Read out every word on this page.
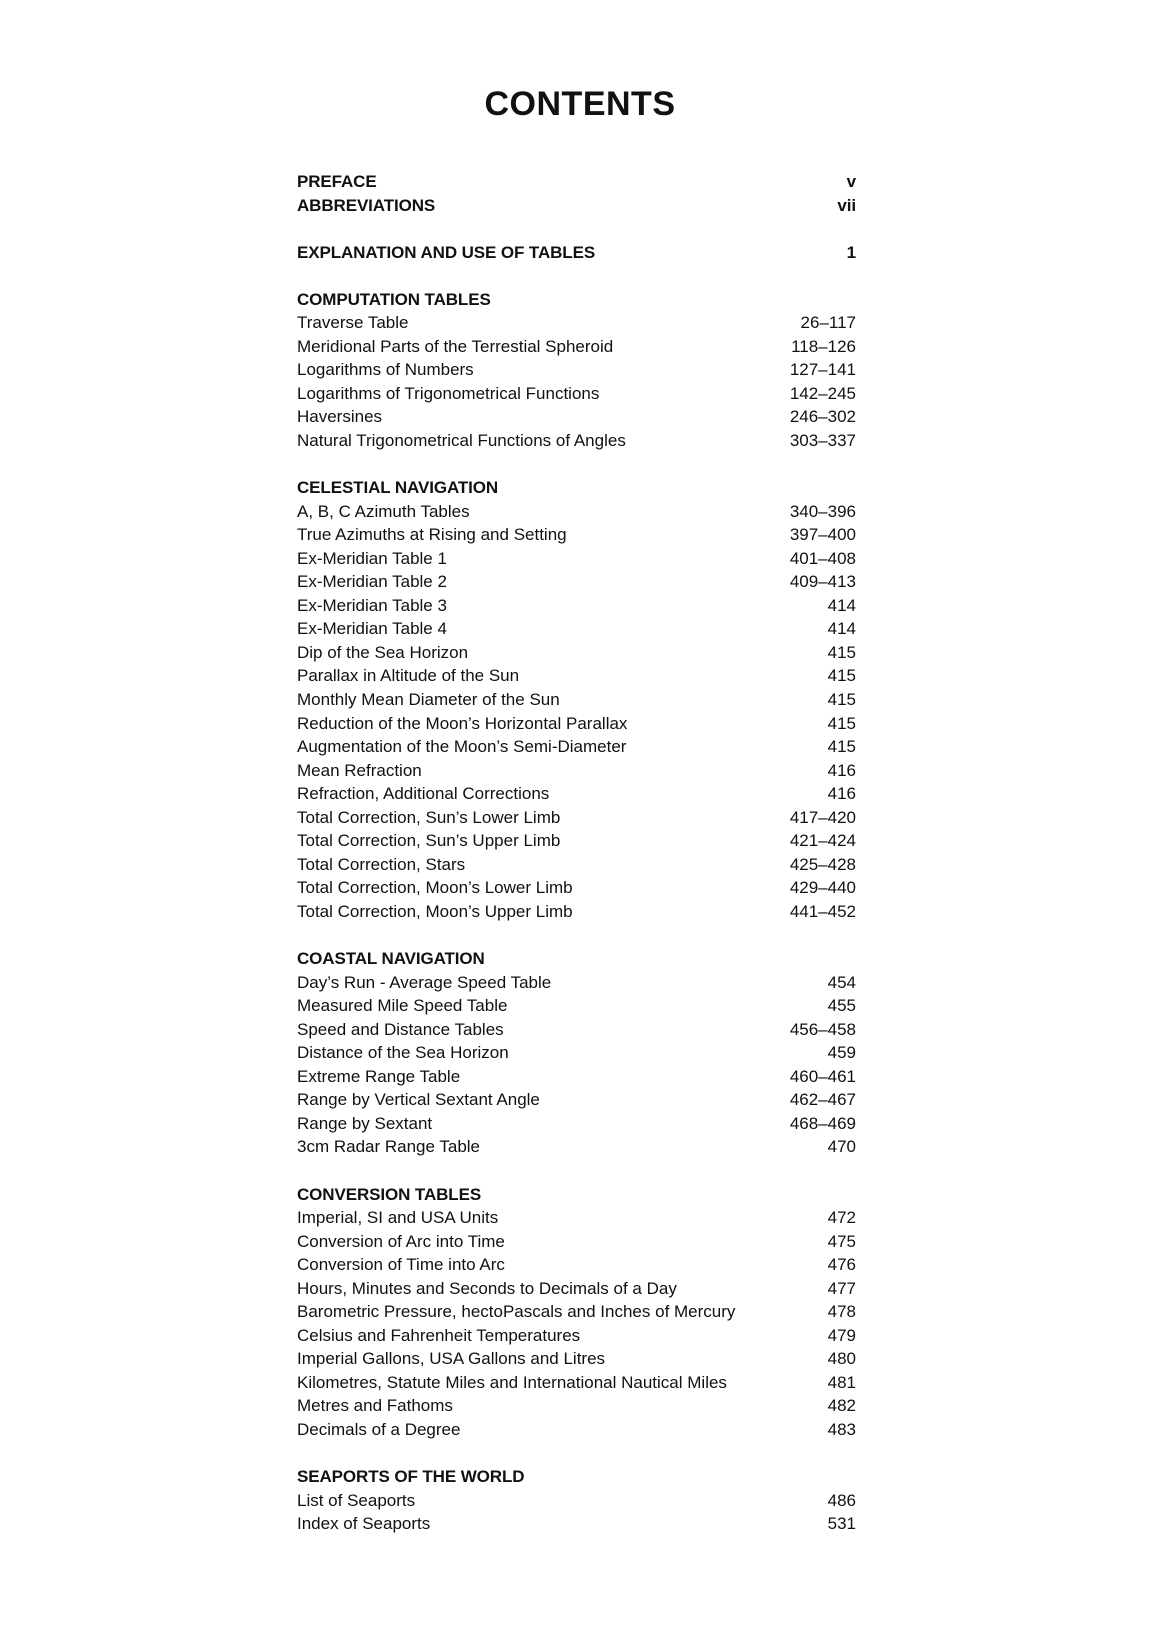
CONTENTS
PREFACE	v
ABBREVIATIONS	vii
EXPLANATION AND USE OF TABLES	1
COMPUTATION TABLES
Traverse Table	26–117
Meridional Parts of the Terrestial Spheroid	118–126
Logarithms of Numbers	127–141
Logarithms of Trigonometrical Functions	142–245
Haversines	246–302
Natural Trigonometrical Functions of Angles	303–337
CELESTIAL NAVIGATION
A, B, C Azimuth Tables	340–396
True Azimuths at Rising and Setting	397–400
Ex-Meridian Table 1	401–408
Ex-Meridian Table 2	409–413
Ex-Meridian Table 3	414
Ex-Meridian Table 4	414
Dip of the Sea Horizon	415
Parallax in Altitude of the Sun	415
Monthly Mean Diameter of the Sun	415
Reduction of the Moon’s Horizontal Parallax	415
Augmentation of the Moon’s Semi-Diameter	415
Mean Refraction	416
Refraction, Additional Corrections	416
Total Correction, Sun’s Lower Limb	417–420
Total Correction, Sun’s Upper Limb	421–424
Total Correction, Stars	425–428
Total Correction, Moon’s Lower Limb	429–440
Total Correction, Moon’s Upper Limb	441–452
COASTAL NAVIGATION
Day’s Run - Average Speed Table	454
Measured Mile Speed Table	455
Speed and Distance Tables	456–458
Distance of the Sea Horizon	459
Extreme Range Table	460–461
Range by Vertical Sextant Angle	462–467
Range by Sextant	468–469
3cm Radar Range Table	470
CONVERSION TABLES
Imperial, SI and USA Units	472
Conversion of Arc into Time	475
Conversion of Time into Arc	476
Hours, Minutes and Seconds to Decimals of a Day	477
Barometric Pressure, hectoPascals and Inches of Mercury	478
Celsius and Fahrenheit Temperatures	479
Imperial Gallons, USA Gallons and Litres	480
Kilometres, Statute Miles and International Nautical Miles	481
Metres and Fathoms	482
Decimals of a Degree	483
SEAPORTS OF THE WORLD
List of Seaports	486
Index of Seaports	531
